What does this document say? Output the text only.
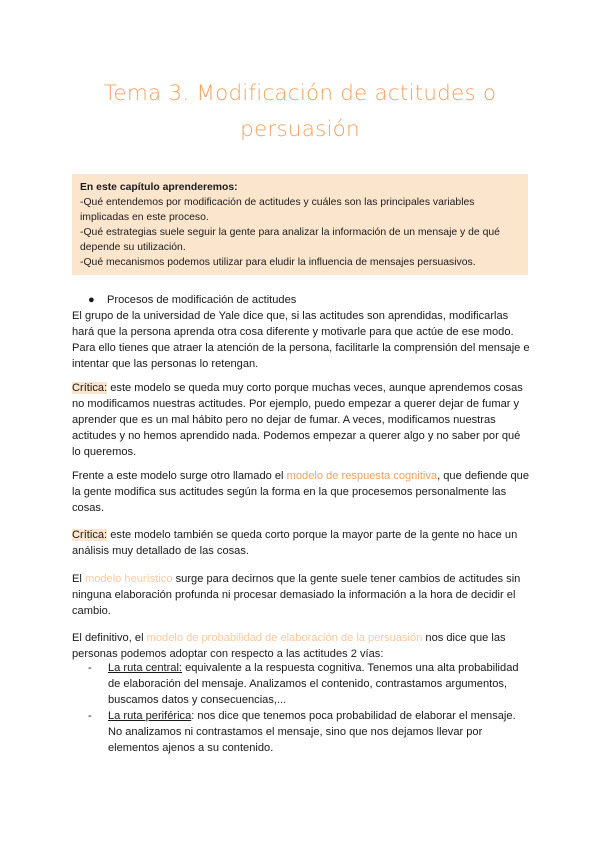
Tema 3. Modificación de actitudes o persuasión
En este capítulo aprenderemos:
-Qué entendemos por modificación de actitudes y cuáles son las principales variables implicadas en este proceso.
-Qué estrategias suele seguir la gente para analizar la información de un mensaje y de qué depende su utilización.
-Qué mecanismos podemos utilizar para eludir la influencia de mensajes persuasivos.
● Procesos de modificación de actitudes

El grupo de la universidad de Yale dice que, si las actitudes son aprendidas, modificarlas hará que la persona aprenda otra cosa diferente y motivarle para que actúe de ese modo. Para ello tienes que atraer la atención de la persona, facilitarle la comprensión del mensaje e intentar que las personas lo retengan.

Crítica: este modelo se queda muy corto porque muchas veces, aunque aprendemos cosas no modificamos nuestras actitudes. Por ejemplo, puedo empezar a querer dejar de fumar y aprender que es un mal hábito pero no dejar de fumar. A veces, modificamos nuestras actitudes y no hemos aprendido nada. Podemos empezar a querer algo y no saber por qué lo queremos.

Frente a este modelo surge otro llamado el modelo de respuesta cognitiva, que defiende que la gente modifica sus actitudes según la forma en la que procesemos personalmente las cosas.

Crítica: este modelo también se queda corto porque la mayor parte de la gente no hace un análisis muy detallado de las cosas.

El modelo heurístico surge para decirnos que la gente suele tener cambios de actitudes sin ninguna elaboración profunda ni procesar demasiado la información a la hora de decidir el cambio.

El definitivo, el modelo de probabilidad de elaboración de la persuasión nos dice que las personas podemos adoptar con respecto a las actitudes 2 vías:

- La ruta central: equivalente a la respuesta cognitiva. Tenemos una alta probabilidad de elaboración del mensaje. Analizamos el contenido, contrastamos argumentos, buscamos datos y consecuencias,...
- La ruta periférica: nos dice que tenemos poca probabilidad de elaborar el mensaje. No analizamos ni contrastamos el mensaje, sino que nos dejamos llevar por elementos ajenos a su contenido.
